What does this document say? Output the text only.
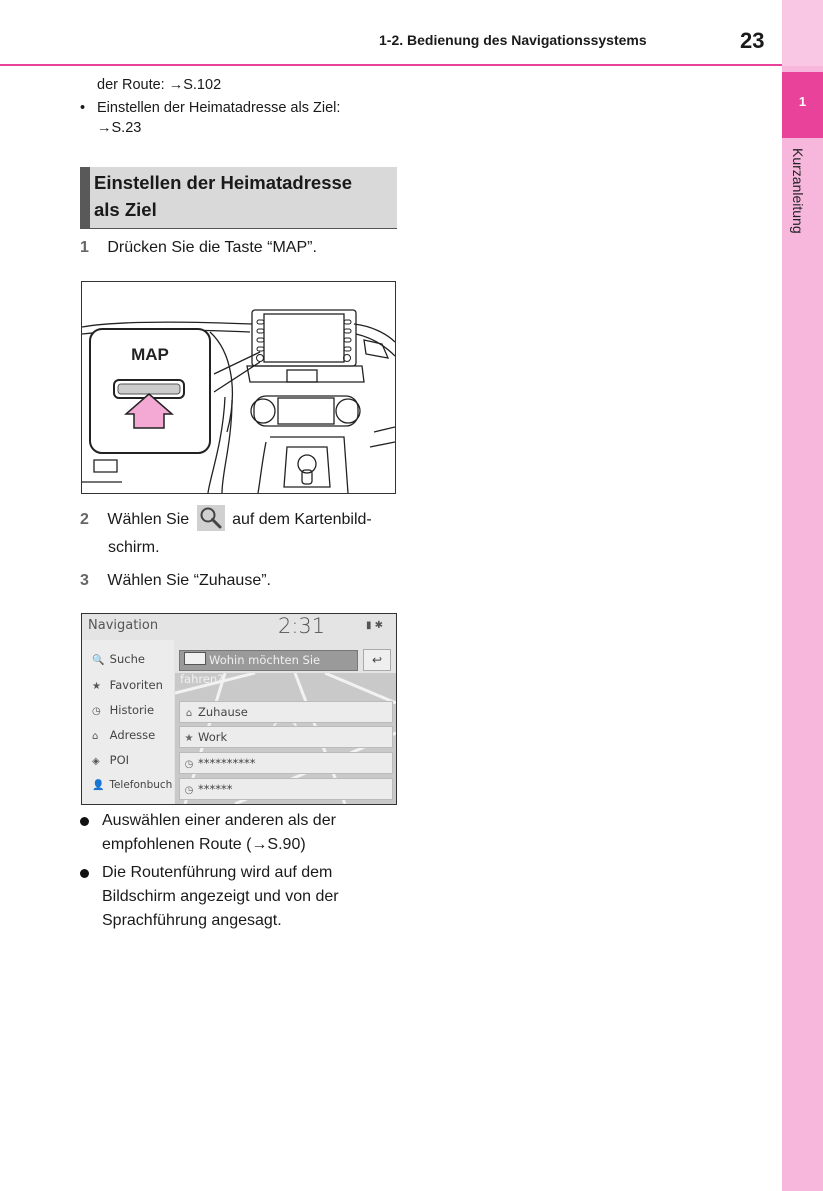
1-2. Bedienung des Navigationssystems	23
1
Kurzanleitung
der Route: →S.102
• Einstellen der Heimatadresse als Ziel:
→S.23
Einstellen der Heimatadresse
als Ziel
1 Drücken Sie die Taste “MAP”.
MAP
2 Wählen Sie	auf dem Kartenbild-
schirm.
3 Wählen Sie “Zuhause”.
Navigation	2:31	▮ ✱
🔍 Suche
★ Favoriten
◷ Historie
⌂ Adresse
◈ POI
👤 Telefonbuch
Wohin möchten Sie fahren?
↩
⌂ Zuhause
★ Work
◷ **********
◷ ******
Auswählen einer anderen als der
empfohlenen Route (→S.90)
Die Routenführung wird auf dem
Bildschirm angezeigt und von der
Sprachführung angesagt.
